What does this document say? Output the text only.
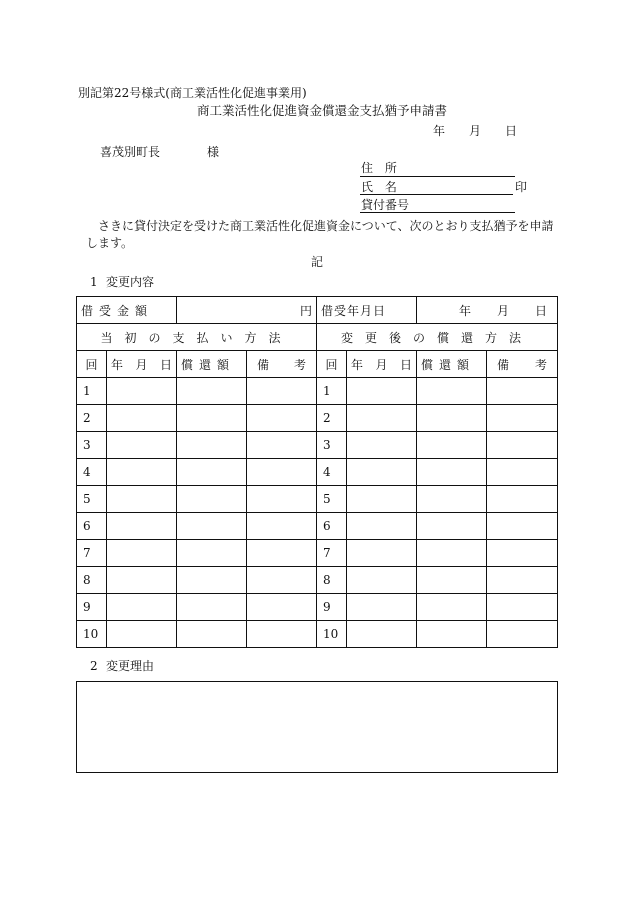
別記第22号様式(商工業活性化促進事業用)
商工業活性化促進資金償還金支払猶予申請書
年 月 日
喜茂別町長	様
住 所
氏 名	印
貸付番号
さきに貸付決定を受けた商工業活性化促進資金について、次のとおり支払猶予を申請
します。
記
1 変更内容
借受金額		円		借受年月日		年 月 日	

当初の支払い方法				変更後の償還方法			
回	年 月 日	償還額	備 考	回	年 月 日	償還額	備 考

1				1			
2				2			
3				3			
4				4			
5				5			
6				6			
7				7			
8				8			
9				9			
10				10			
2 変更理由
